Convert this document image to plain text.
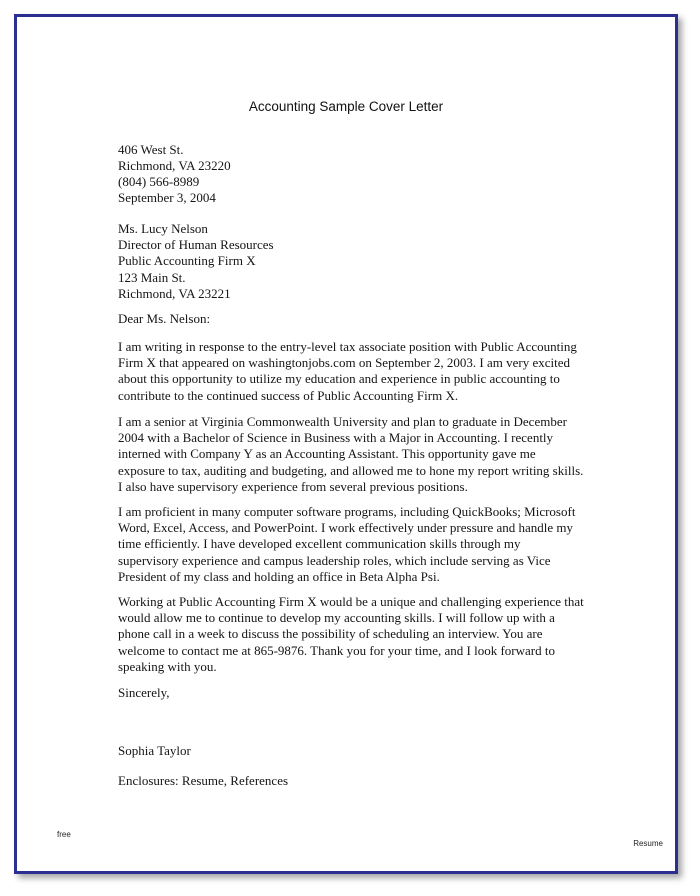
Accounting Sample Cover Letter
406 West St.
Richmond, VA 23220
(804) 566-8989
September 3, 2004
Ms. Lucy Nelson
Director of Human Resources
Public Accounting Firm X
123 Main St.
Richmond, VA 23221
Dear Ms. Nelson:
I am writing in response to the entry-level tax associate position with Public Accounting
Firm X that appeared on washingtonjobs.com on September 2, 2003. I am very excited
about this opportunity to utilize my education and experience in public accounting to
contribute to the continued success of Public Accounting Firm X.
I am a senior at Virginia Commonwealth University and plan to graduate in December
2004 with a Bachelor of Science in Business with a Major in Accounting. I recently
interned with Company Y as an Accounting Assistant. This opportunity gave me
exposure to tax, auditing and budgeting, and allowed me to hone my report writing skills.
I also have supervisory experience from several previous positions.
I am proficient in many computer software programs, including QuickBooks; Microsoft
Word, Excel, Access, and PowerPoint. I work effectively under pressure and handle my
time efficiently. I have developed excellent communication skills through my
supervisory experience and campus leadership roles, which include serving as Vice
President of my class and holding an office in Beta Alpha Psi.
Working at Public Accounting Firm X would be a unique and challenging experience that
would allow me to continue to develop my accounting skills. I will follow up with a
phone call in a week to discuss the possibility of scheduling an interview. You are
welcome to contact me at 865-9876. Thank you for your time, and I look forward to
speaking with you.
Sincerely,
Sophia Taylor
Enclosures: Resume, References
free
Resume
